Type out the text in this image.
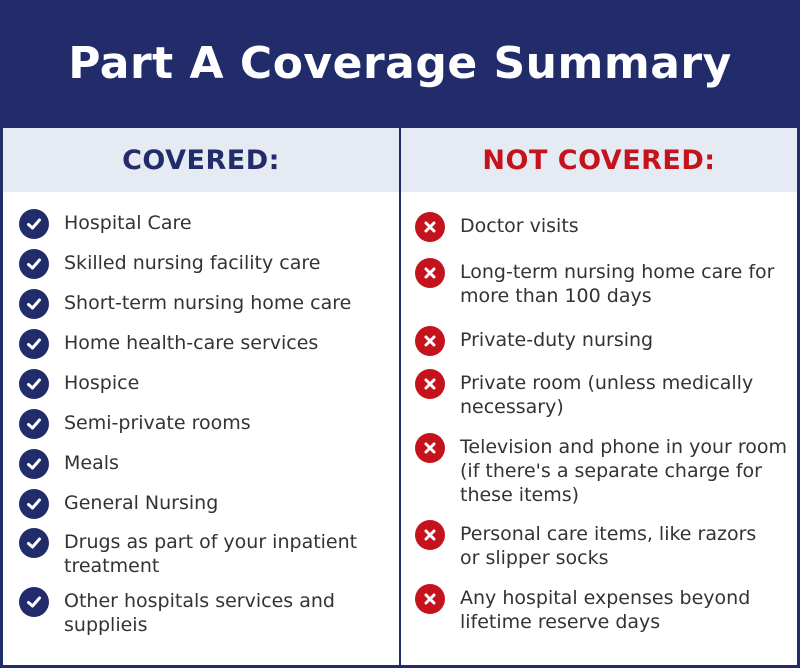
Part A Coverage Summary
COVERED:
Hospital Care
Skilled nursing facility care
Short-term nursing home care
Home health-care services
Hospice
Semi-private rooms
Meals
General Nursing
Drugs as part of your inpatient treatment
Other hospitals services and supplieis
NOT COVERED:
Doctor visits
Long-term nursing home care for more than 100 days
Private-duty nursing
Private room (unless medically necessary)
Television and phone in your room (if there's a separate charge for these items)
Personal care items, like razors or slipper socks
Any hospital expenses beyond lifetime reserve days
